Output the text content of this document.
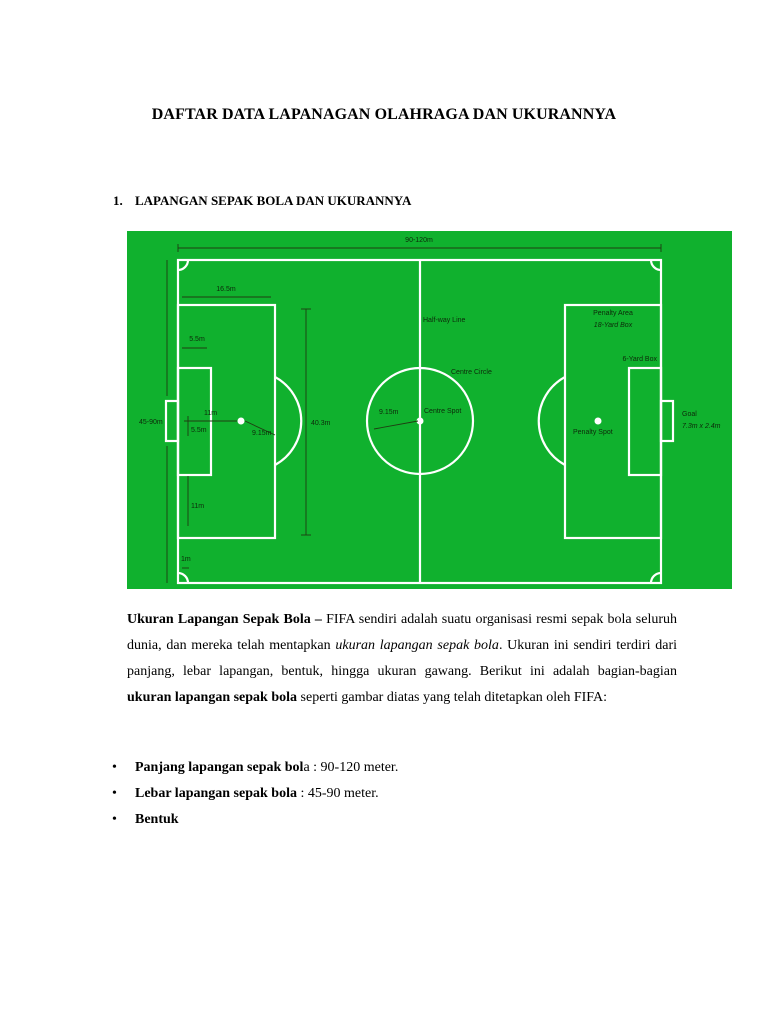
DAFTAR DATA LAPANAGAN OLAHRAGA DAN UKURANNYA
1. LAPANGAN SEPAK BOLA DAN UKURANNYA
90-120m
16.5m
5.5m
45-90m
11m
9.15m
5.5m
11m
1m
40.3m
9.15m
Half-way Line
Centre Circle
Centre Spot
Penalty Area
18-Yard Box
6-Yard Box
Penalty Spot
Goal
7.3m x 2.4m
Ukuran Lapangan Sepak Bola – FIFA sendiri adalah suatu organisasi resmi sepak bola seluruh dunia, dan mereka telah mentapkan ukuran lapangan sepak bola. Ukuran ini sendiri terdiri dari panjang, lebar lapangan, bentuk, hingga ukuran gawang. Berikut ini adalah bagian-bagian ukuran lapangan sepak bola seperti gambar diatas yang telah ditetapkan oleh FIFA:
• Panjang lapangan sepak bola : 90-120 meter.
• Lebar lapangan sepak bola : 45-90 meter.
• Bentuk
